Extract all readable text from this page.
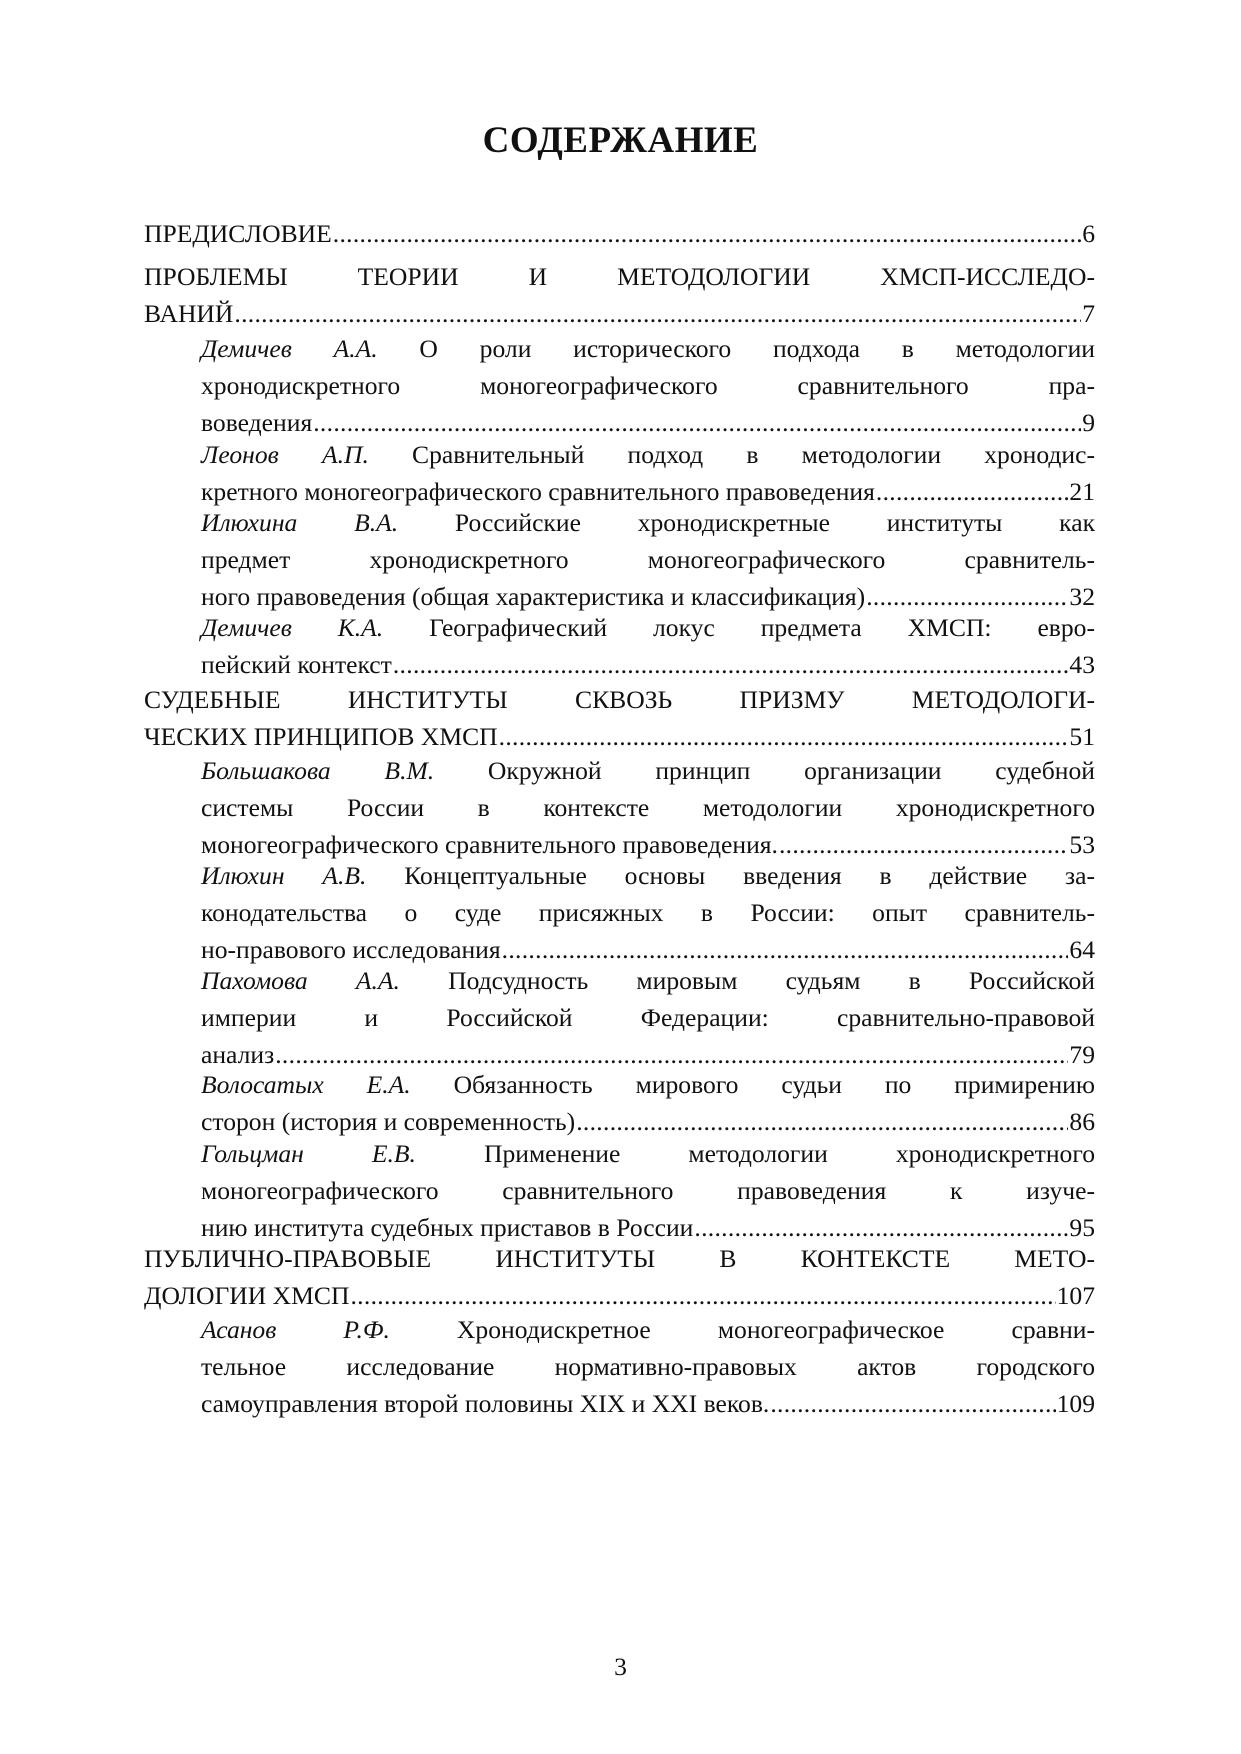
СОДЕРЖАНИЕ
ПРЕДИСЛОВИЕ .....	6
ПРОБЛЕМЫ ТЕОРИИ И МЕТОДОЛОГИИ ХМСП-ИССЛЕДО-
ВАНИЙ .....	7
Демичев А.А. О роли исторического подхода в методологии
хронодискретного моногеографического сравнительного пра-
воведения .....	9
Леонов А.П. Сравнительный подход в методологии хронодис-
кретного моногеографического сравнительного правоведения .....	21
Илюхина В.А. Российские хронодискретные институты как
предмет хронодискретного моногеографического сравнитель-
ного правоведения (общая характеристика и классификация) .....	32
Демичев К.А. Географический локус предмета ХМСП: евро-
пейский контекст .....	43
СУДЕБНЫЕ ИНСТИТУТЫ СКВОЗЬ ПРИЗМУ МЕТОДОЛОГИ-
ЧЕСКИХ ПРИНЦИПОВ ХМСП .....	51
Большакова В.М. Окружной принцип организации судебной
системы России в контексте методологии хронодискретного
моногеографического сравнительного правоведения. .....	53
Илюхин А.В. Концептуальные основы введения в действие за-
конодательства о суде присяжных в России: опыт сравнитель-
но-правового исследования .....	64
Пахомова А.А. Подсудность мировым судьям в Российской
империи и Российской Федерации: сравнительно-правовой
анализ .....	79
Волосатых Е.А. Обязанность мирового судьи по примирению
сторон (история и современность) .....	86
Гольцман Е.В. Применение методологии хронодискретного
моногеографического сравнительного правоведения к изуче-
нию института судебных приставов в России .....	95
ПУБЛИЧНО-ПРАВОВЫЕ ИНСТИТУТЫ В КОНТЕКСТЕ МЕТО-
ДОЛОГИИ ХМСП .....	107
Асанов Р.Ф. Хронодискретное моногеографическое сравни-
тельное исследование нормативно-правовых актов городского
самоуправления второй половины XIX и XXI веков. .....	109
3
